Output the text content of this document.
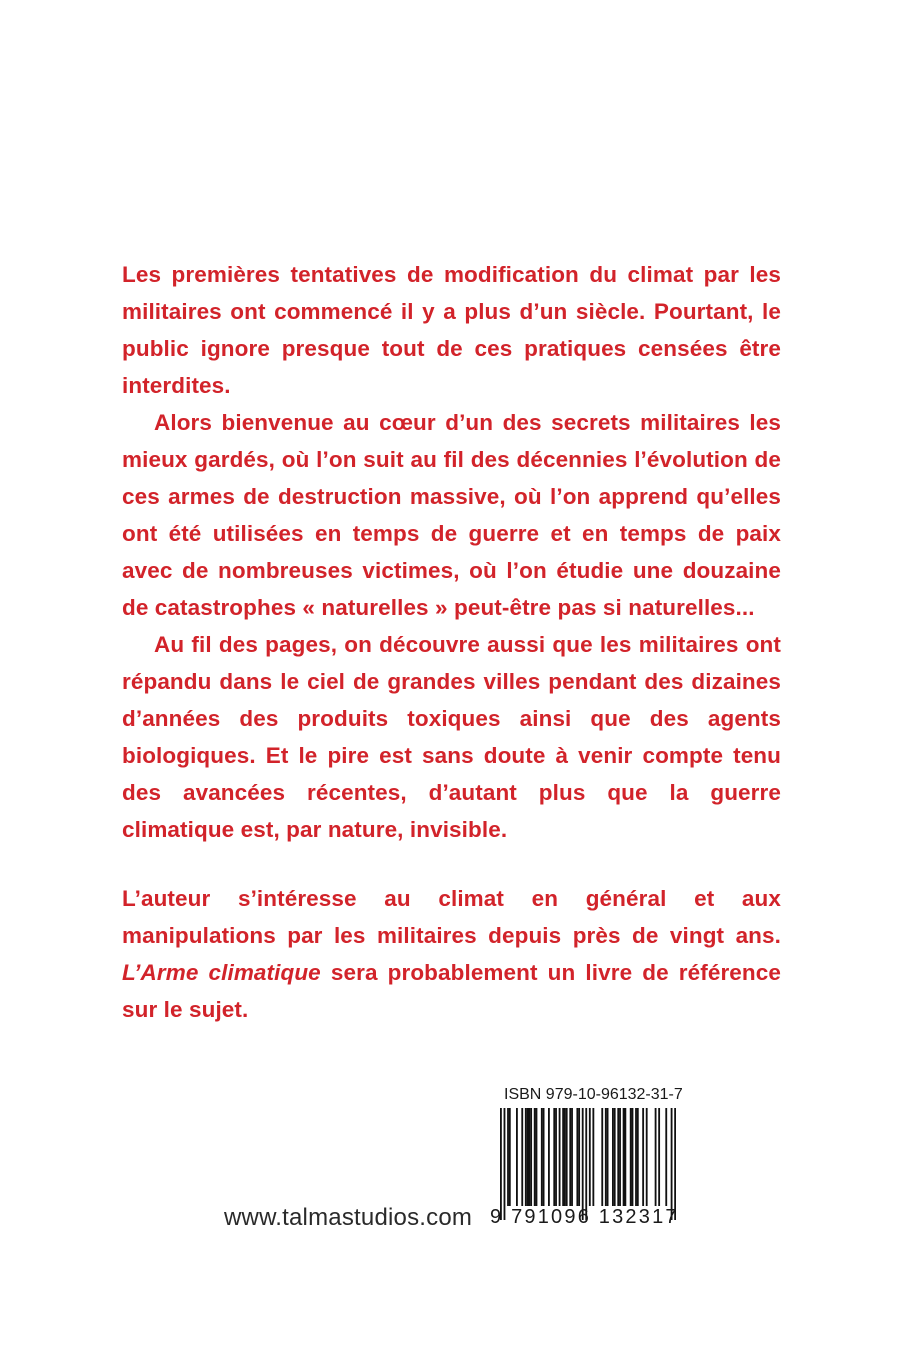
Les premières tentatives de modification du climat par les militaires ont commencé il y a plus d’un siècle. Pourtant, le public ignore presque tout de ces pratiques censées être interdites.

Alors bienvenue au cœur d’un des secrets militaires les mieux gardés, où l’on suit au fil des décennies l’évolution de ces armes de destruction massive, où l’on apprend qu’elles ont été utilisées en temps de guerre et en temps de paix avec de nombreuses victimes, où l’on étudie une douzaine de catastrophes « naturelles » peut-être pas si naturelles...

Au fil des pages, on découvre aussi que les militaires ont répandu dans le ciel de grandes villes pendant des dizaines d’années des produits toxiques ainsi que des agents biologiques. Et le pire est sans doute à venir compte tenu des avancées récentes, d’autant plus que la guerre climatique est, par nature, invisible.

L’auteur s’intéresse au climat en général et aux manipulations par les militaires depuis près de vingt ans. L’Arme climatique sera probablement un livre de référence sur le sujet.

www.talmastudios.com
ISBN 979-10-96132-31-7
9 791096 132317
